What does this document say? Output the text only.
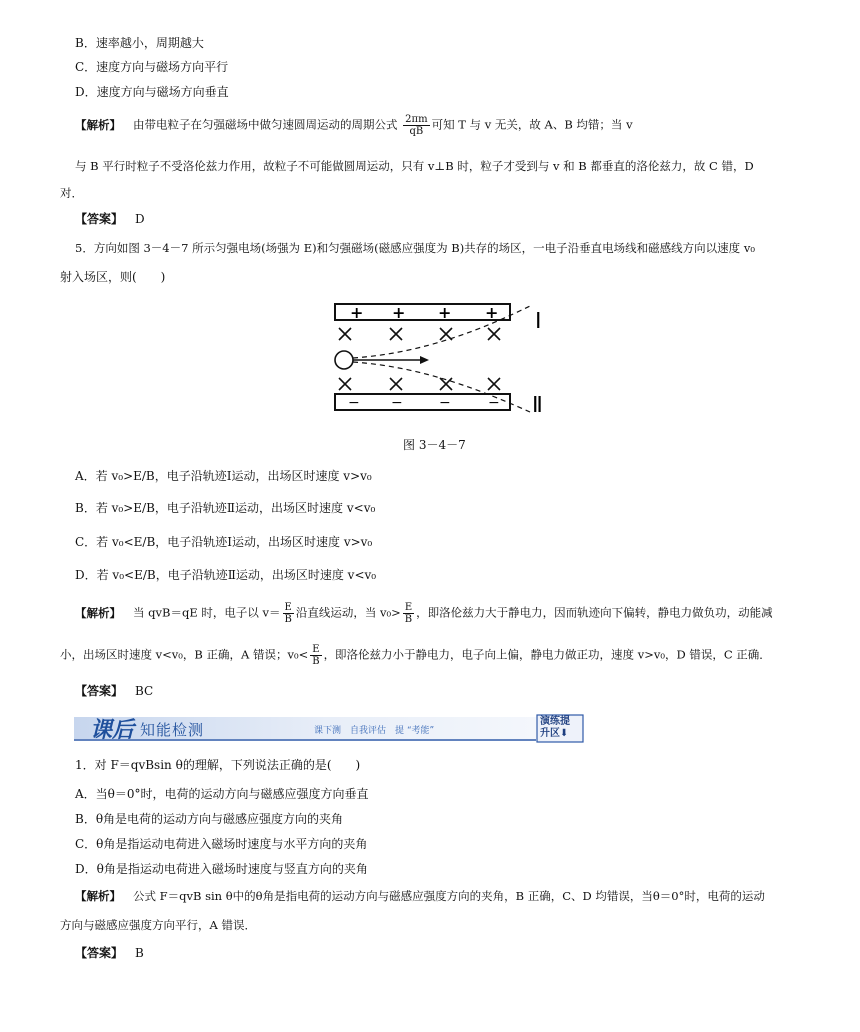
B．速率越小，周期越大
C．速度方向与磁场方向平行
D．速度方向与磁场方向垂直
【解析】 由带电粒子在匀强磁场中做匀速圆周运动的周期公式 $\frac{2\pi m}{qB}$ 可知 T 与 v 无关，故 A、B 均错；当 v
与 B 平行时粒子不受洛伦兹力作用，故粒子不可能做圆周运动，只有 v⊥B 时，粒子才受到与 v 和 B 都垂直的洛伦兹力，故 C 错，D
对．
【答案】 D
5．方向如图 3－4－7 所示匀强电场(场强为 E)和匀强磁场(磁感应强度为 B)共存的场区，一电子沿垂直电场线和磁感线方向以速度 v₀
射入场区，则(　　)
+ + + +
− −	−	−
Ⅰ
Ⅱ
图 3－4－7
A．若 v₀>E/B，电子沿轨迹Ⅰ运动，出场区时速度 v>v₀
B．若 v₀>E/B，电子沿轨迹Ⅱ运动，出场区时速度 v<v₀
C．若 v₀<E/B，电子沿轨迹Ⅰ运动，出场区时速度 v>v₀
D．若 v₀<E/B，电子沿轨迹Ⅱ运动，出场区时速度 v<v₀
【解析】 当 qvB＝qE 时，电子以 $v= \frac{E}{B}$ 沿直线运动，当 $v_0> \frac{E}{B}$ ，即洛伦兹力大于静电力，因而轨迹向下偏转，静电力做负功，动能减
小，出场区时速度 v<v₀，B 正确，A 错误；$v_0< \frac{E}{B}$ ，即洛伦兹力小于静电力，电子向上偏，静电力做正功，速度 v>v₀，D 错误，C 正确．
【答案】 BC
课后 知能检测	课下测　自我评估　提 “考能”
演练提
升区⬇
1．对 F＝qvBsin θ的理解，下列说法正确的是(　　)
A．当θ＝0°时，电荷的运动方向与磁感应强度方向垂直
B．θ角是电荷的运动方向与磁感应强度方向的夹角
C．θ角是指运动电荷进入磁场时速度与水平方向的夹角
D．θ角是指运动电荷进入磁场时速度与竖直方向的夹角
【解析】 公式 F＝qvB sin θ中的θ角是指电荷的运动方向与磁感应强度方向的夹角，B 正确，C、D 均错误，当θ＝0°时，电荷的运动
方向与磁感应强度方向平行，A 错误．
【答案】 B
